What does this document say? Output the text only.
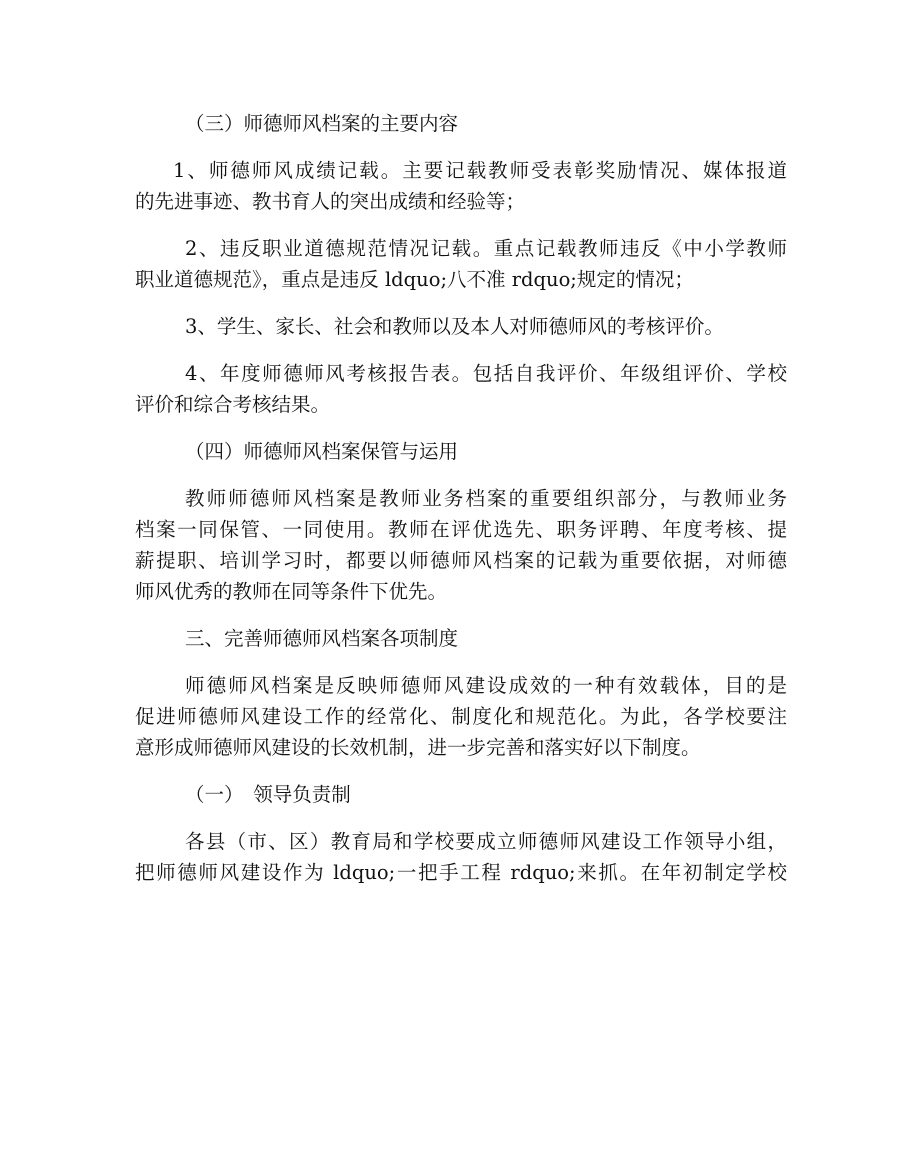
（三）师德师风档案的主要内容

1、师德师风成绩记载。主要记载教师受表彰奖励情况、媒体报道

的先进事迹、教书育人的突出成绩和经验等；

2、违反职业道德规范情况记载。重点记载教师违反《中小学教师

职业道德规范》，重点是违反 ldquo;八不准 rdquo;规定的情况；

3、学生、家长、社会和教师以及本人对师德师风的考核评价。

4、年度师德师风考核报告表。包括自我评价、年级组评价、学校

评价和综合考核结果。

（四）师德师风档案保管与运用

教师师德师风档案是教师业务档案的重要组织部分，与教师业务

档案一同保管、一同使用。教师在评优选先、职务评聘、年度考核、提

薪提职、培训学习时，都要以师德师风档案的记载为重要依据，对师德

师风优秀的教师在同等条件下优先。

三、完善师德师风档案各项制度

师德师风档案是反映师德师风建设成效的一种有效载体，目的是

促进师德师风建设工作的经常化、制度化和规范化。为此，各学校要注

意形成师德师风建设的长效机制，进一步完善和落实好以下制度。

（一）　领导负责制

各县（市、区）教育局和学校要成立师德师风建设工作领导小组，

把师德师风建设作为 ldquo;一把手工程 rdquo;来抓。在年初制定学校
